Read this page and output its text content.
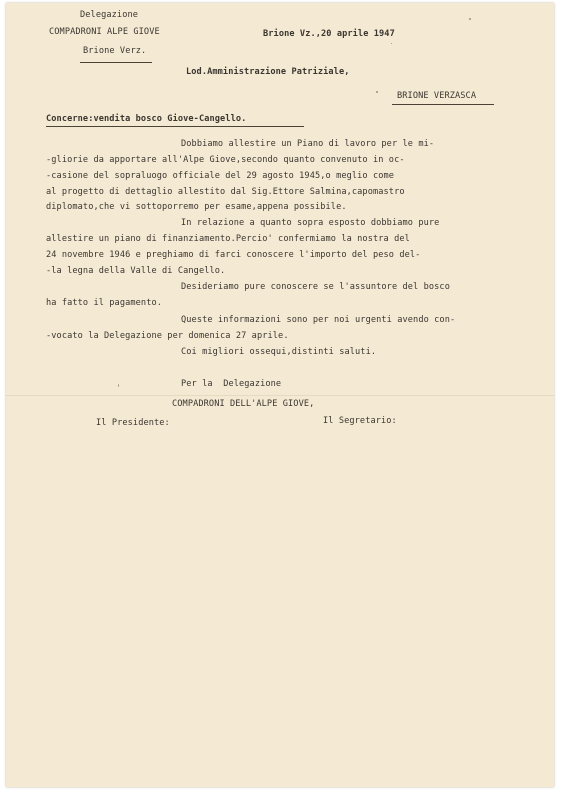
Delegazione
COMPADRONI ALPE GIOVE
Brione Verz.
Brione Vz.,20 aprile 1947
Lod.Amministrazione Patriziale,
BRIONE VERZASCA
Concerne:vendita bosco Giove-Cangello.
Dobbiamo allestire un Piano di lavoro per le mi-
-gliorie da apportare all'Alpe Giove,secondo quanto convenuto in oc-
-casione del sopraluogo officiale del 29 agosto 1945,o meglio come
al progetto di dettaglio allestito dal Sig.Ettore Salmina,capomastro
diplomato,che vi sottoporremo per esame,appena possibile.
In relazione a quanto sopra esposto dobbiamo pure
allestire un piano di finanziamento.Percio' confermiamo la nostra del
24 novembre 1946 e preghiamo di farci conoscere l'importo del peso del-
-la legna della Valle di Cangello.
Desideriamo pure conoscere se l'assuntore del bosco
ha fatto il pagamento.
Queste informazioni sono per noi urgenti avendo con-
-vocato la Delegazione per domenica 27 aprile.
Coi migliori ossequi,distinti saluti.
Per la  Delegazione
COMPADRONI DELL'ALPE GIOVE,
Il Presidente:	Il Segretario:
